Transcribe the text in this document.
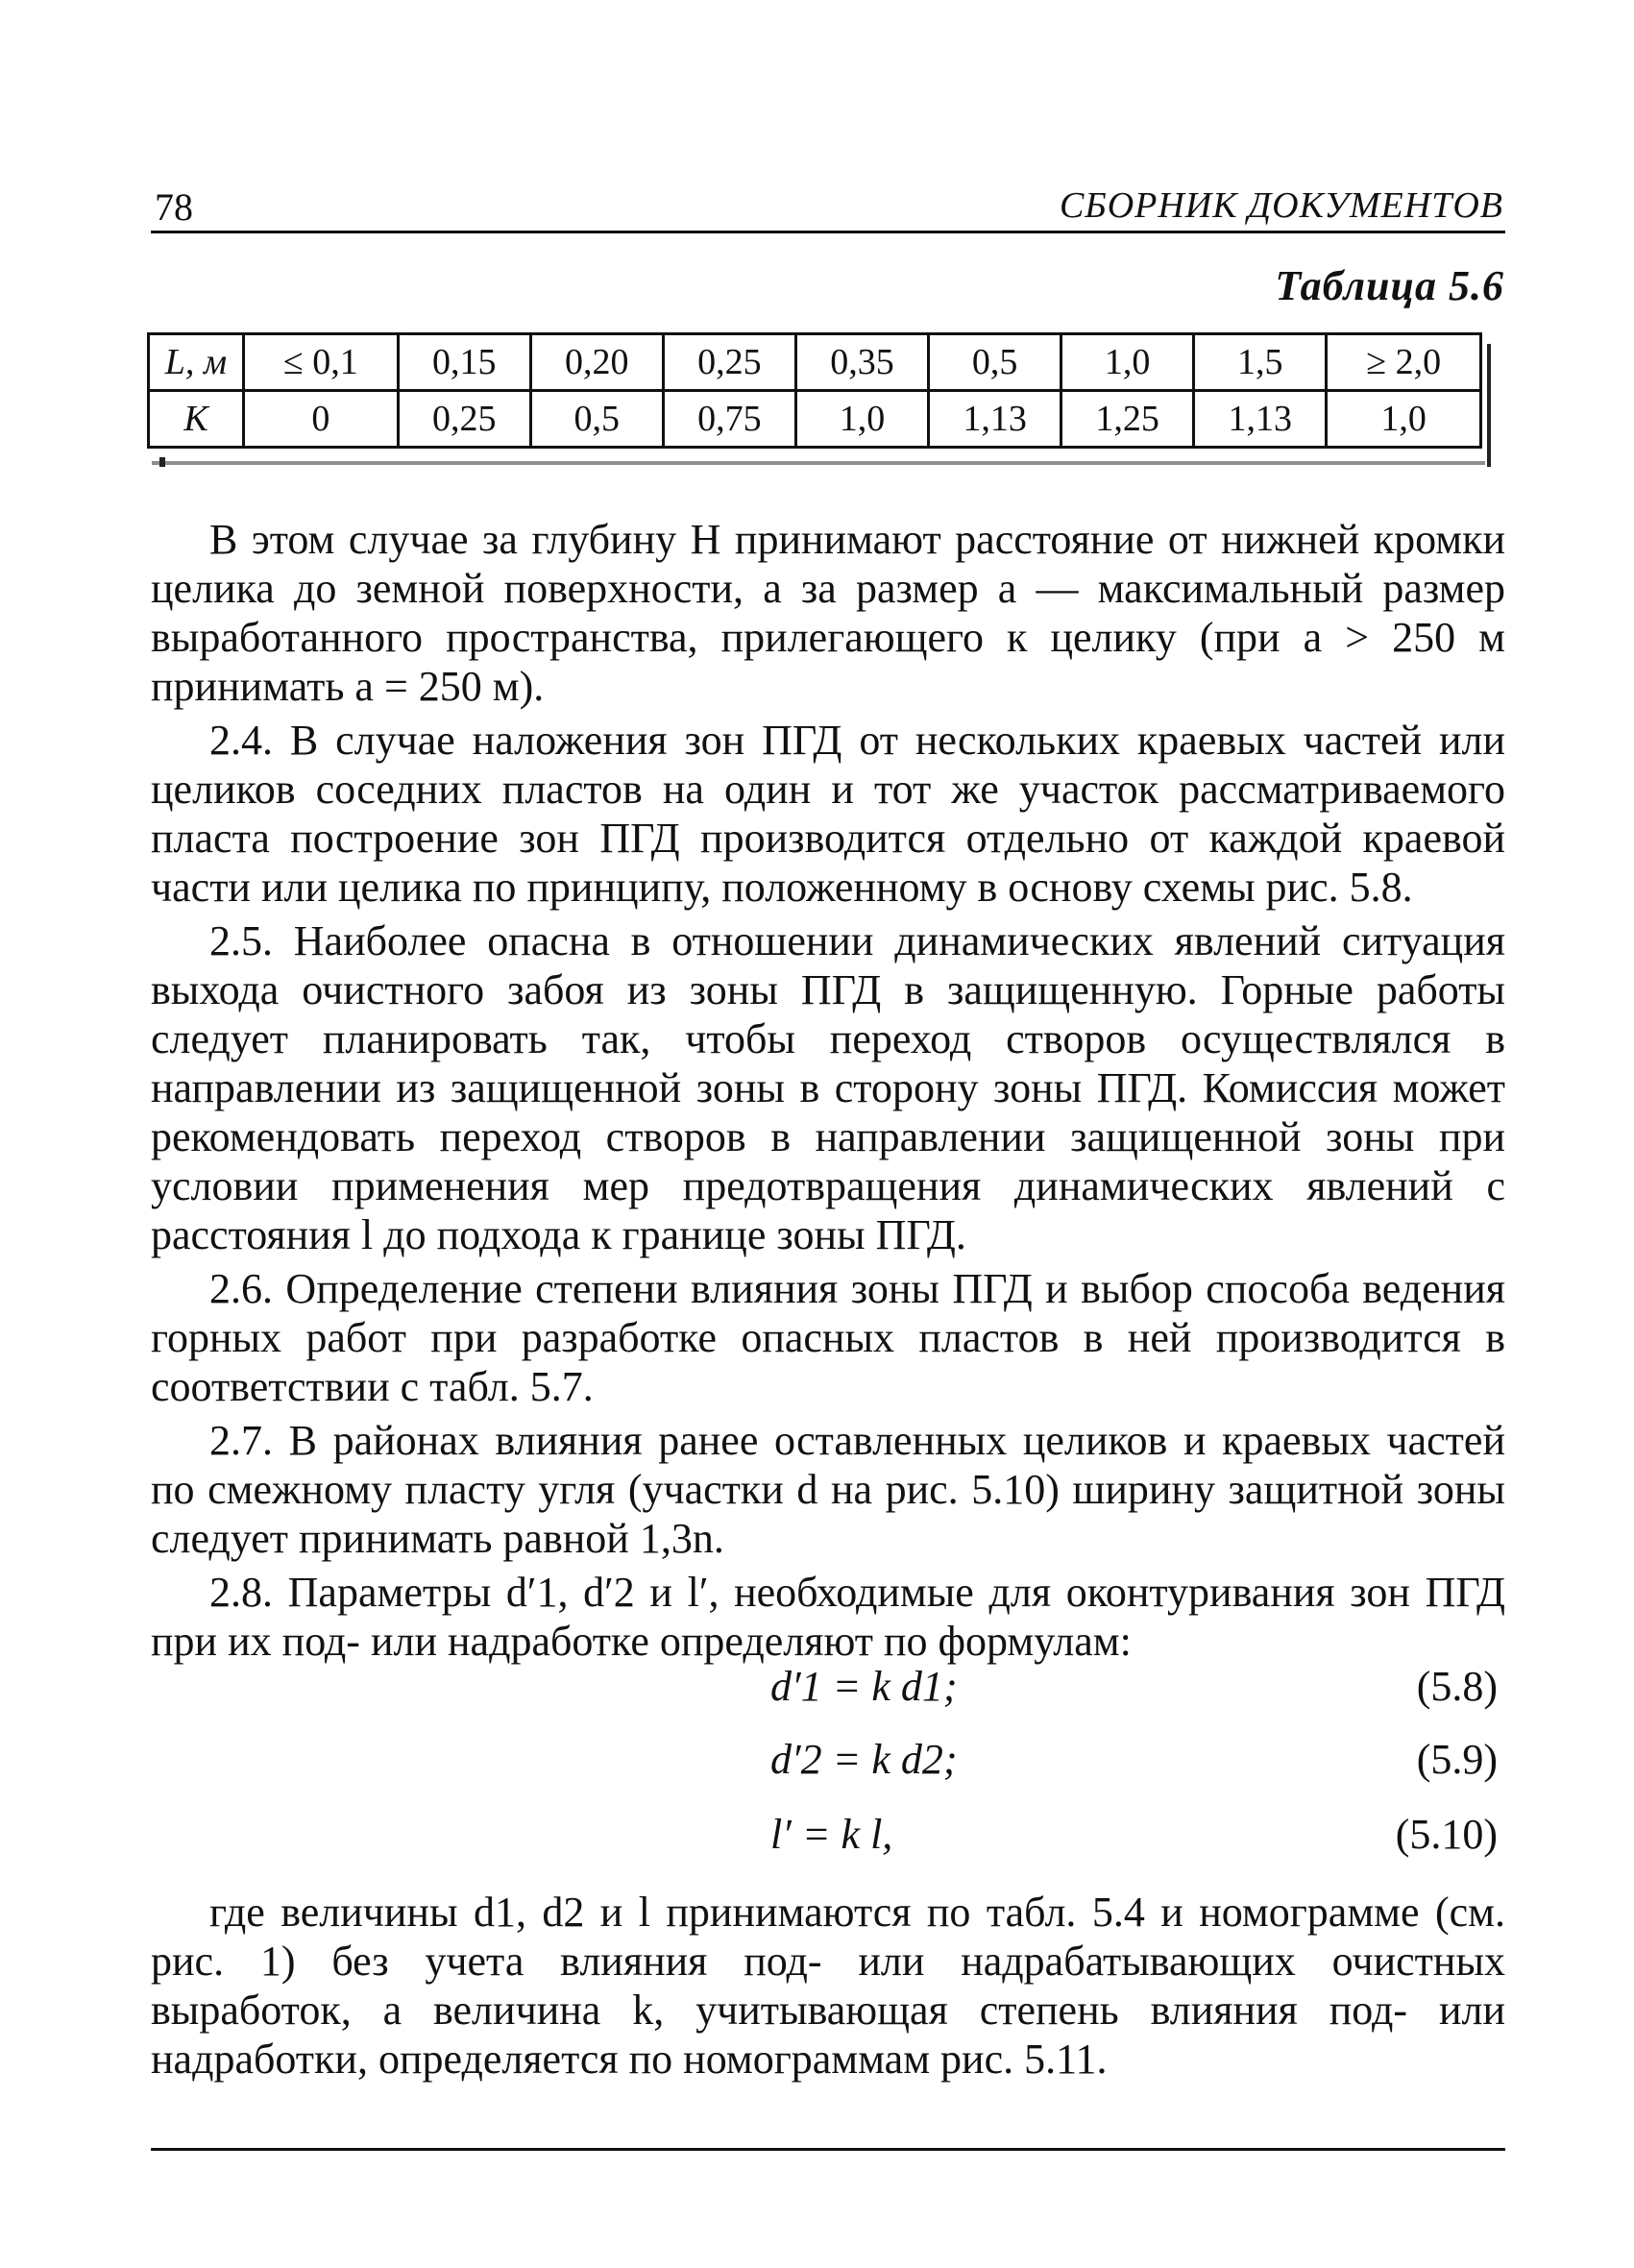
78	СБОРНИК ДОКУМЕНТОВ
Таблица 5.6
L, м	≤ 0,1	0,15	0,20	0,25	0,35	0,5	1,0	1,5	≥ 2,0
K	0	0,25	0,5	0,75	1,0	1,13	1,25	1,13	1,0

В этом случае за глубину Н принимают расстояние от нижней кромки целика до земной поверхности, а за размер а — максимальный размер выработанного пространства, прилегающего к целику (при а > 250 м принимать а = 250 м).

2.4. В случае наложения зон ПГД от нескольких краевых частей или целиков соседних пластов на один и тот же участок рассматриваемого пласта построение зон ПГД производится отдельно от каждой краевой части или целика по принципу, положенному в основу схемы рис. 5.8.

2.5. Наиболее опасна в отношении динамических явлений ситуация выхода очистного забоя из зоны ПГД в защищенную. Горные работы следует планировать так, чтобы переход створов осуществлялся в направлении из защищенной зоны в сторону зоны ПГД. Комиссия может рекомендовать переход створов в направлении защищенной зоны при условии применения мер предотвращения динамических явлений с расстояния l до подхода к границе зоны ПГД.

2.6. Определение степени влияния зоны ПГД и выбор способа ведения горных работ при разработке опасных пластов в ней производится в соответствии с табл. 5.7.

2.7. В районах влияния ранее оставленных целиков и краевых частей по смежному пласту угля (участки d на рис. 5.10) ширину защитной зоны следует принимать равной 1,3n.

2.8. Параметры d′1, d′2 и l′, необходимые для оконтуривания зон ПГД при их под- или надработке определяют по формулам:

d′1 = k d1;	(5.8)
d′2 = k d2;	(5.9)
l′ = k l,	(5.10)

где величины d1, d2 и l принимаются по табл. 5.4 и номограмме (см. рис. 1) без учета влияния под- или надрабатывающих очистных выработок, а величина k, учитывающая степень влияния под- или надработки, определяется по номограммам рис. 5.11.
